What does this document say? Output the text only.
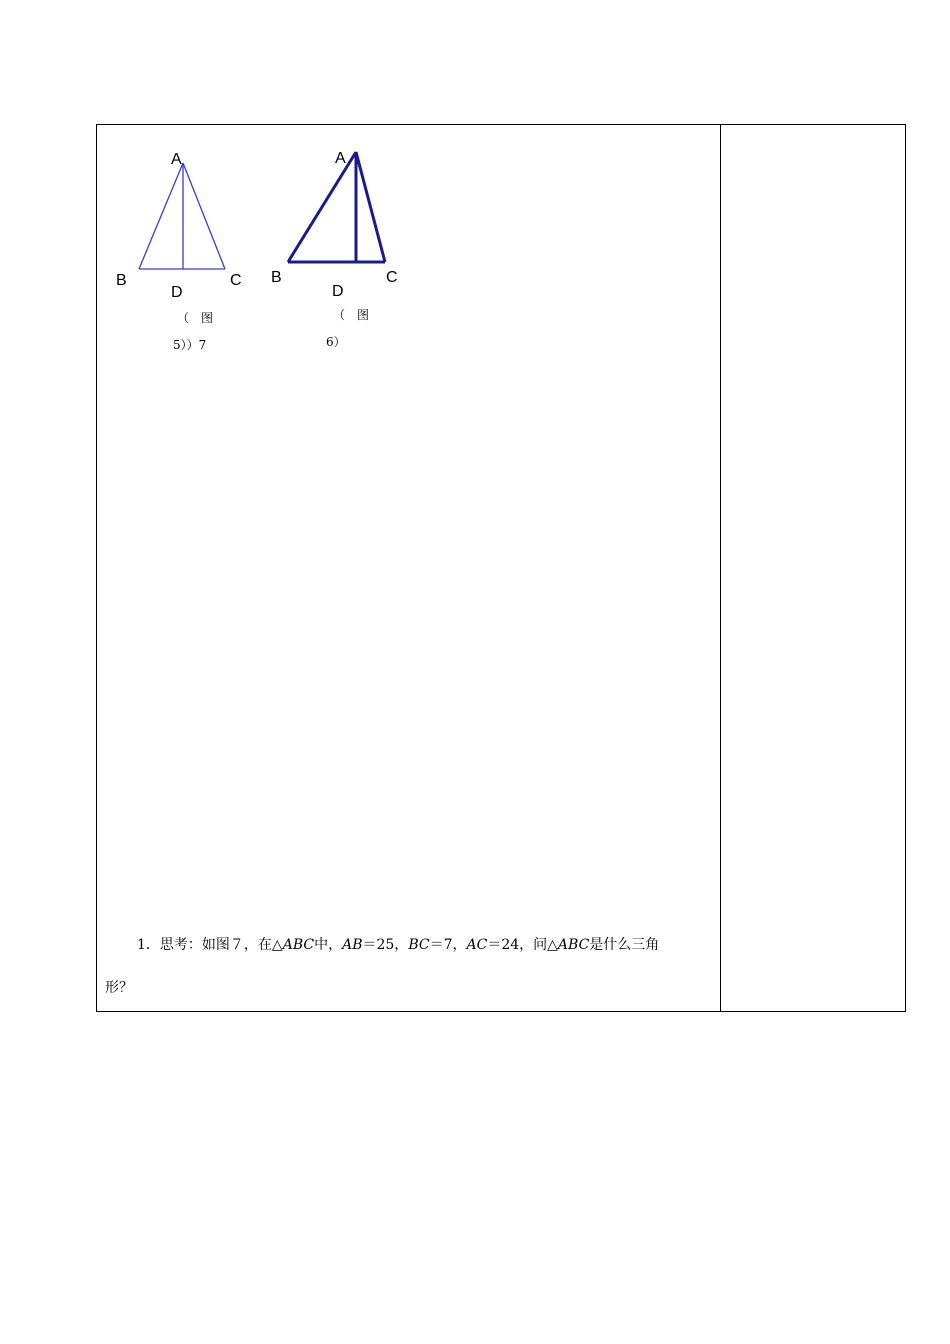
A
B	C
D
（　图
5））7
A
B	C
D
（　图
6）
1．思考：如图７，在△ABC中，AB＝25，BC＝7，AC＝24，问△ABC是什么三角
形？
